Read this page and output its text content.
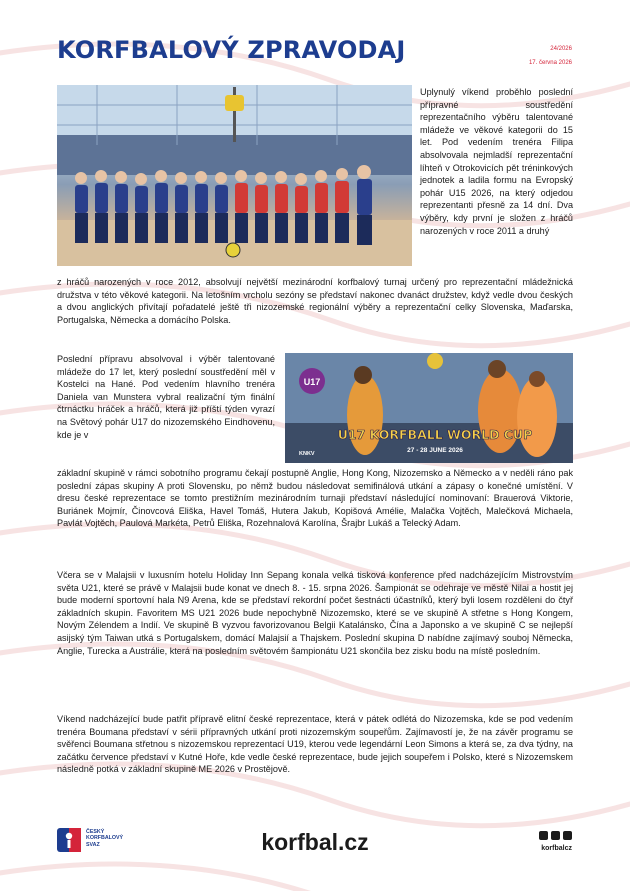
KORFBALOVÝ ZPRAVODAJ	24/2026
17. června 2026

Uplynulý víkend proběhlo poslední přípravné soustředění reprezentačního výběru talentované mládeže ve věkové kategorii do 15 let. Pod vedením trenéra Filipa absolvovala nejmladší reprezentační líhteň v Otrokovicích pět tréninkových jednotek a ladila formu na Evropský pohár U15 2026, na který odjedou reprezentanti přesně za 14 dní. Dva výběry, kdy první je složen z hráčů narozených v roce 2011 a druhý

z hráčů narozených v roce 2012, absolvují největší mezinárodní korfbalový turnaj určený pro reprezentační mládežnická družstva v této věkové kategorii. Na letošním vrcholu sezóny se představí nakonec dvanáct družstev, když vedle dvou českých a dvou anglických přivítají pořadatelé ještě tři nizozemské regionální výběry a reprezentační celky Slovenska, Maďarska, Portugalska, Německa a domácího Polska.

Poslední přípravu absolvoval i výběr talentované mládeže do 17 let, který poslední soustředění měl v Kostelci na Hané. Pod vedením hlavního trenéra Daniela van Munstera vybral realizační tým finální čtrnáctku hráček a hráčů, která již příští týden vyrazí na Světový pohár U17 do nizozemského Eindhovenu, kde je v

U17
U17 KORFBALL WORLD CUP
27 - 28 JUNE 2026
KNKV

základní skupině v rámci sobotního programu čekají postupně Anglie, Hong Kong, Nizozemsko a Německo a v neděli ráno pak poslední zápas skupiny A proti Slovensku, po němž budou následovat semifinálová utkání a zápasy o konečné umístění. V dresu české reprezentace se tomto prestižním mezinárodním turnaji představí následující nominovaní: Brauerová Viktorie, Buriánek Mojmír, Činovcová Eliška, Havel Tomáš, Hutera Jakub, Kopišová Amélie, Malačka Vojtěch, Malečková Michaela, Pavlát Vojtěch, Paulová Markéta, Petrů Eliška, Rozehnalová Karolína, Šrajbr Lukáš a Telecký Adam.

Včera se v Malajsii v luxusním hotelu Holiday Inn Sepang konala velká tisková konference před nadcházejícím Mistrovstvím světa U21, které se právě v Malajsii bude konat ve dnech 8. - 15. srpna 2026. Šampionát se odehraje ve městě Nilai a hostit jej bude moderní sportovní hala N9 Arena, kde se představí rekordní počet šestnácti účastníků, který byli losem rozděleni do čtyř základních skupin. Favoritem MS U21 2026 bude nepochybně Nizozemsko, které se ve skupině A střetne s Hong Kongem, Novým Zélendem a Indií. Ve skupině B vyzvou favorizovanou Belgii Katalánsko, Čína a Japonsko a ve skupině C se nejlepší asijský tým Taiwan utká s Portugalskem, domácí Malajsií a Thajskem. Poslední skupina D nabídne zajímavý souboj Německa, Anglie, Turecka a Austrálie, která na posledním světovém šampionátu U21 skončila bez zisku bodu na místě posledním.

Víkend nadcházející bude patřit přípravě elitní české reprezentace, která v pátek odlétá do Nizozemska, kde se pod vedením trenéra Boumana představí v sérii přípravných utkání proti nizozemským soupeřům. Zajímavostí je, že na závěr programu se svěřenci Boumana střetnou s nizozemskou reprezentací U19, kterou vede legendární Leon Simons a která se, za dva týdny, na začátku července představí v Kutné Hoře, kde vedle české reprezentace, bude jejich soupeřem i Polsko, které s Nizozemskem následně potká v základní skupině ME 2026 v Prostějově.

ČESKÝ
KORFBALOVÝ
SVAZ	korfbal.cz	korfbalcz
